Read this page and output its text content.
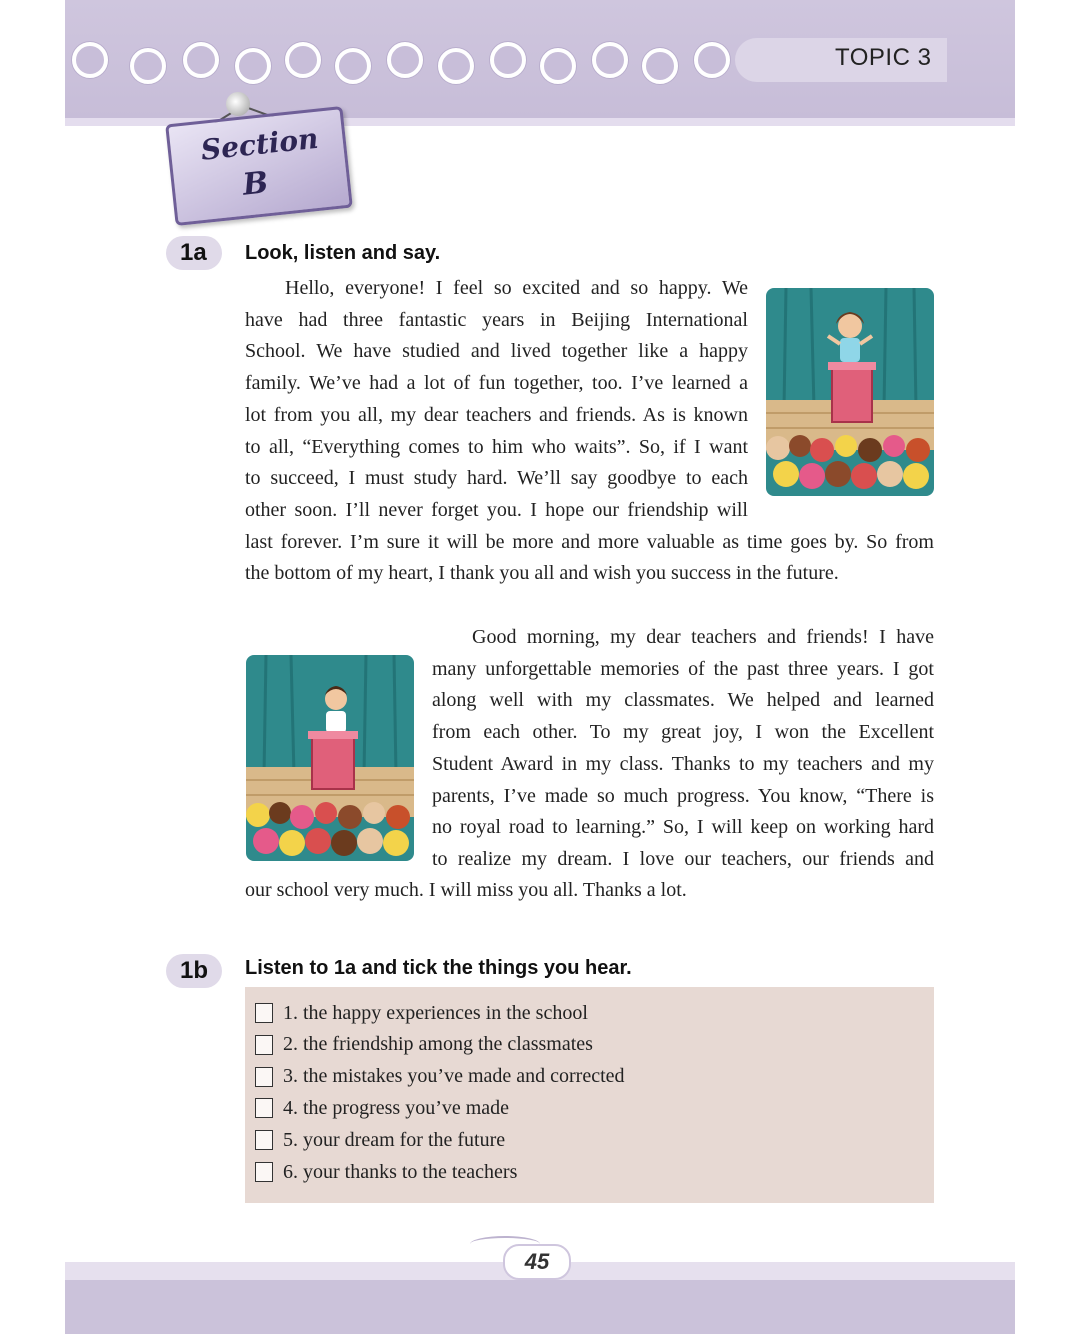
TOPIC 3
Section
B
1a	Look, listen and say.

Hello, everyone! I feel so excited and so happy. We

have had three fantastic years in Beijing International

School. We have studied and lived together like a happy

family. We’ve had a lot of fun together, too. I’ve learned a

lot from you all, my dear teachers and friends. As is known

to all, “Everything comes to him who waits”. So, if I want

to succeed, I must study hard. We’ll say goodbye to each

other soon. I’ll never forget you. I hope our friendship will

Good morning, my dear teachers and friends! I have

many unforgettable memories of the past three years. I got

along well with my classmates. We helped and learned

from each other. To my great joy, I won the Excellent

Student Award in my class. Thanks to my teachers and my

parents, I’ve made so much progress. You know, “There is

no royal road to learning.” So, I will keep on working hard

to realize my dream. I love our teachers, our friends and

our school very much. I will miss you all. Thanks a lot.

1b	Listen to 1a and tick the things you hear.
1. the happy experiences in the school
2. the friendship among the classmates
3. the mistakes you’ve made and corrected
4. the progress you’ve made
5. your dream for the future
6. your thanks to the teachers
45

last forever. I’m sure it will be more and more valuable as time goes by. So from

the bottom of my heart, I thank you all and wish you success in the future.
